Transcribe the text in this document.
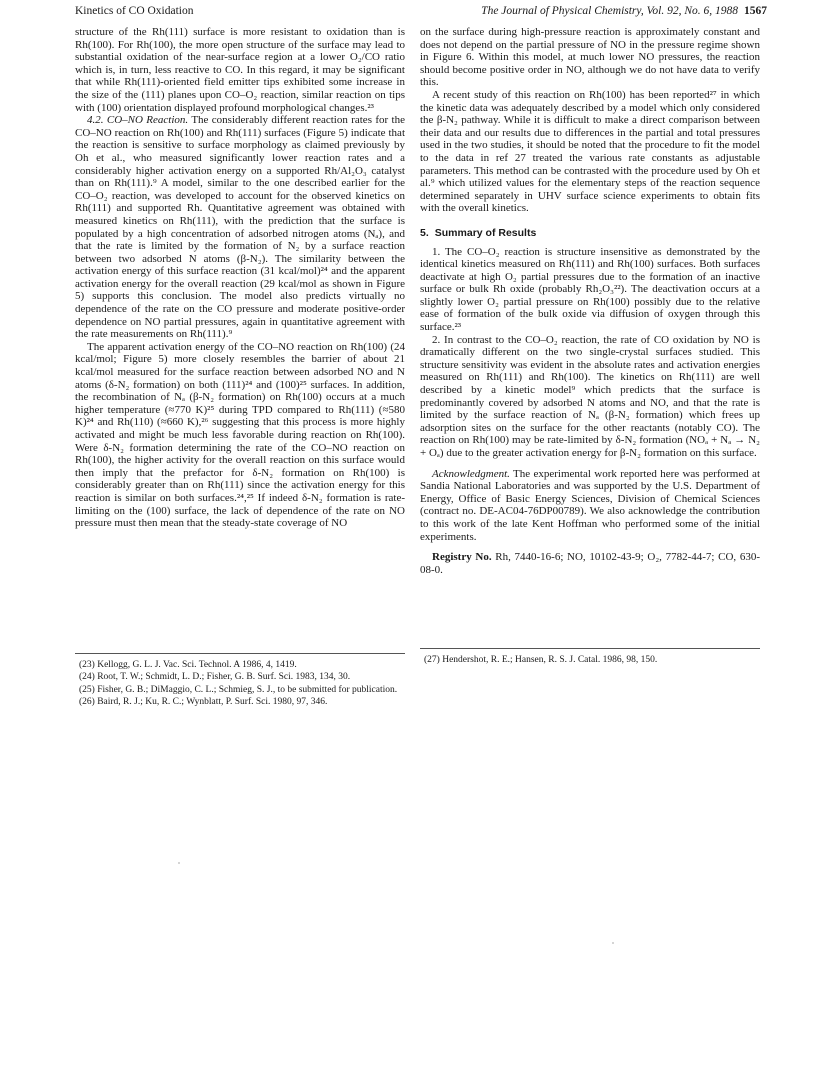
Kinetics of CO Oxidation	The Journal of Physical Chemistry, Vol. 92, No. 6, 1988 1567

structure of the Rh(111) surface is more resistant to oxidation than is Rh(100). For Rh(100), the more open structure of the surface may lead to substantial oxidation of the near-surface region at a lower O₂/CO ratio which is, in turn, less reactive to CO. In this regard, it may be significant that while Rh(111)-oriented field emitter tips exhibited some increase in the size of the (111) planes upon CO–O₂ reaction, similar reaction on tips with (100) orientation displayed profound morphological changes.²³

4.2. CO–NO Reaction. The considerably different reaction rates for the CO–NO reaction on Rh(100) and Rh(111) surfaces (Figure 5) indicate that the reaction is sensitive to surface morphology as claimed previously by Oh et al., who measured significantly lower reaction rates and a considerably higher activation energy on a supported Rh/Al₂O₃ catalyst than on Rh(111).⁹ A model, similar to the one described earlier for the CO–O₂ reaction, was developed to account for the observed kinetics on Rh(111) and supported Rh. Quantitative agreement was obtained with measured kinetics on Rh(111), with the prediction that the surface is populated by a high concentration of adsorbed nitrogen atoms (Nₐ), and that the rate is limited by the formation of N₂ by a surface reaction between two adsorbed N atoms (β-N₂). The similarity between the activation energy of this surface reaction (31 kcal/mol)²⁴ and the apparent activation energy for the overall reaction (29 kcal/mol as shown in Figure 5) supports this conclusion. The model also predicts virtually no dependence of the rate on the CO pressure and moderate positive-order dependence on NO partial pressures, again in quantitative agreement with the rate measurements on Rh(111).⁹

The apparent activation energy of the CO–NO reaction on Rh(100) (24 kcal/mol; Figure 5) more closely resembles the barrier of about 21 kcal/mol measured for the surface reaction between adsorbed NO and N atoms (δ-N₂ formation) on both (111)²⁴ and (100)²⁵ surfaces. In addition, the recombination of Nₐ (β-N₂ formation) on Rh(100) occurs at a much higher temperature (≈770 K)²⁵ during TPD compared to Rh(111) (≈580 K)²⁴ and Rh(110) (≈660 K),²⁶ suggesting that this process is more highly activated and might be much less favorable during reaction on Rh(100). Were δ-N₂ formation determining the rate of the CO–NO reaction on Rh(100), the higher activity for the overall reaction on this surface would then imply that the prefactor for δ-N₂ formation on Rh(100) is considerably greater than on Rh(111) since the activation energy for this reaction is similar on both surfaces.²⁴,²⁵ If indeed δ-N₂ formation is rate-limiting on the (100) surface, the lack of dependence of the rate on NO pressure must then mean that the steady-state coverage of NO

on the surface during high-pressure reaction is approximately constant and does not depend on the partial pressure of NO in the pressure regime shown in Figure 6. Within this model, at much lower NO pressures, the reaction should become positive order in NO, although we do not have data to verify this.

A recent study of this reaction on Rh(100) has been reported²⁷ in which the kinetic data was adequately described by a model which only considered the β-N₂ pathway. While it is difficult to make a direct comparison between their data and our results due to differences in the partial and total pressures used in the two studies, it should be noted that the procedure to fit the model to the data in ref 27 treated the various rate constants as adjustable parameters. This method can be contrasted with the procedure used by Oh et al.⁹ which utilized values for the elementary steps of the reaction sequence determined separately in UHV surface science experiments to obtain fits with the overall kinetics.

5. Summary of Results

1. The CO–O₂ reaction is structure insensitive as demonstrated by the identical kinetics measured on Rh(111) and Rh(100) surfaces. Both surfaces deactivate at high O₂ partial pressures due to the formation of an inactive surface or bulk Rh oxide (probably Rh₂O₃²²). The deactivation occurs at a slightly lower O₂ partial pressure on Rh(100) possibly due to the relative ease of formation of the bulk oxide via diffusion of oxygen through this surface.²³

2. In contrast to the CO–O₂ reaction, the rate of CO oxidation by NO is dramatically different on the two single-crystal surfaces studied. This structure sensitivity was evident in the absolute rates and activation energies measured on Rh(111) and Rh(100). The kinetics on Rh(111) are well described by a kinetic model⁹ which predicts that the surface is predominantly covered by adsorbed N atoms and NO, and that the rate is limited by the surface reaction of Nₐ (β-N₂ formation) which frees up adsorption sites on the surface for the other reactants (notably CO). The reaction on Rh(100) may be rate-limited by δ-N₂ formation (NOₐ + Nₐ → N₂ + Oₐ) due to the greater activation energy for β-N₂ formation on this surface.

Acknowledgment. The experimental work reported here was performed at Sandia National Laboratories and was supported by the U.S. Department of Energy, Office of Basic Energy Sciences, Division of Chemical Sciences (contract no. DE-AC04-76DP00789). We also acknowledge the contribution to this work of the late Kent Hoffman who performed some of the initial experiments.

Registry No. Rh, 7440-16-6; NO, 10102-43-9; O₂, 7782-44-7; CO, 630-08-0.

(23) Kellogg, G. L. J. Vac. Sci. Technol. A 1986, 4, 1419.

(24) Root, T. W.; Schmidt, L. D.; Fisher, G. B. Surf. Sci. 1983, 134, 30.

(25) Fisher, G. B.; DiMaggio, C. L.; Schmieg, S. J., to be submitted for publication.

(26) Baird, R. J.; Ku, R. C.; Wynblatt, P. Surf. Sci. 1980, 97, 346.

(27) Hendershot, R. E.; Hansen, R. S. J. Catal. 1986, 98, 150.
